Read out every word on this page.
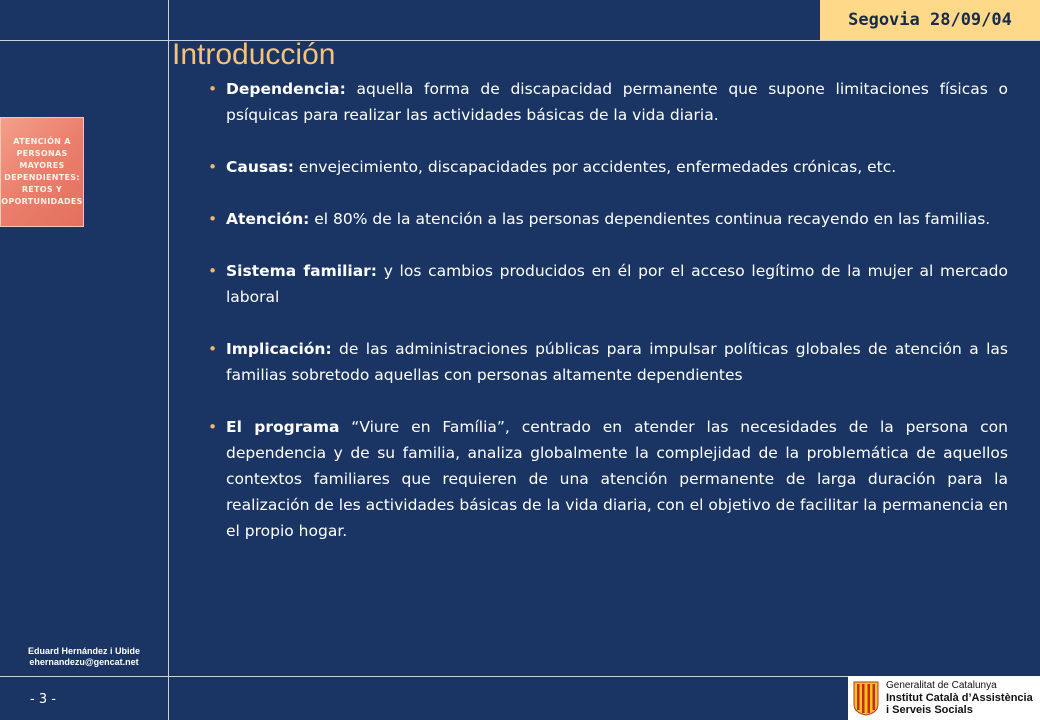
Segovia 28/09/04
Introducción
ATENCIÓN A
PERSONAS
MAYORES
DEPENDIENTES:
RETOS Y
OPORTUNIDADES
• Dependencia: aquella forma de discapacidad permanente que supone limitaciones físicas o psíquicas para realizar las actividades básicas de la vida diaria.
• Causas: envejecimiento, discapacidades por accidentes, enfermedades crónicas, etc.
• Atención: el 80% de la atención a las personas dependientes continua recayendo en las familias.
• Sistema familiar: y los cambios producidos en él por el acceso legítimo de la mujer al mercado laboral
• Implicación: de las administraciones públicas para impulsar políticas globales de atención a las familias sobretodo aquellas con personas altamente dependientes
• El programa “Viure en Família”, centrado en atender las necesidades de la persona con dependencia y de su familia, analiza globalmente la complejidad de la problemática de aquellos contextos familiares que requieren de una atención permanente de larga duración para la realización de les actividades básicas de la vida diaria, con el objetivo de facilitar la permanencia en el propio hogar.
Eduard Hernández i Ubide
ehernandezu@gencat.net
- 3 -
Generalitat de Catalunya
Institut Català d’Assistència
i Serveis Socials
